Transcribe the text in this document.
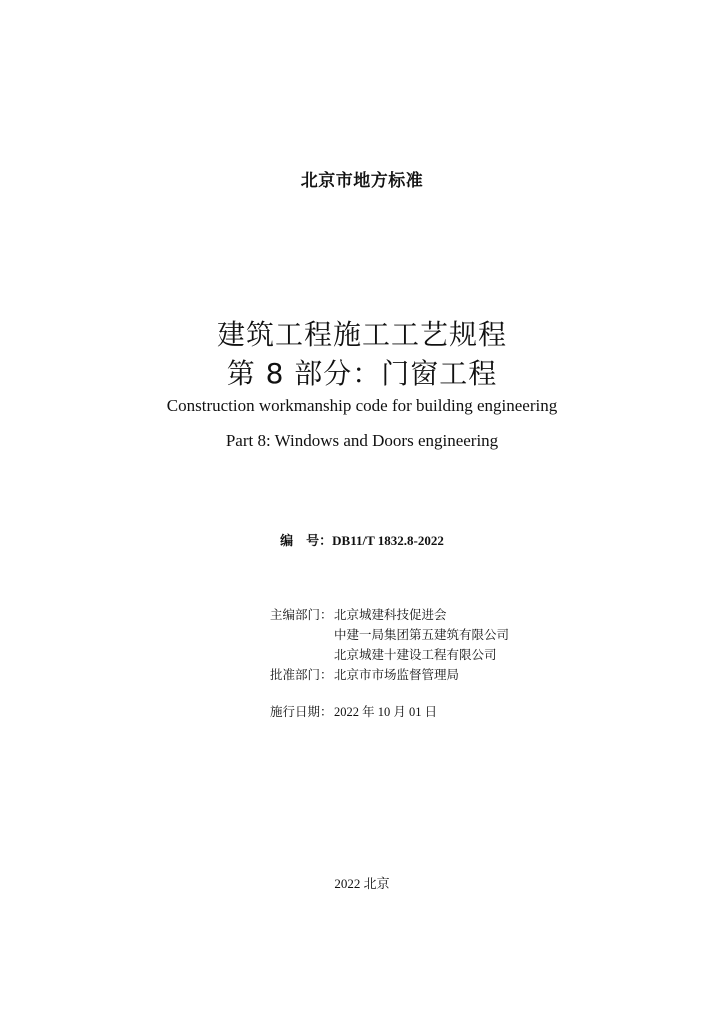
北京市地方标准
建筑工程施工工艺规程
第 8 部分：门窗工程
Construction workmanship code for building engineering
Part 8: Windows and Doors engineering
编　号：DB11/T 1832.8-2022
主编部门： 北京城建科技促进会
中建一局集团第五建筑有限公司
北京城建十建设工程有限公司
批准部门： 北京市市场监督管理局
施行日期： 2022 年 10 月 01 日
2022 北京
